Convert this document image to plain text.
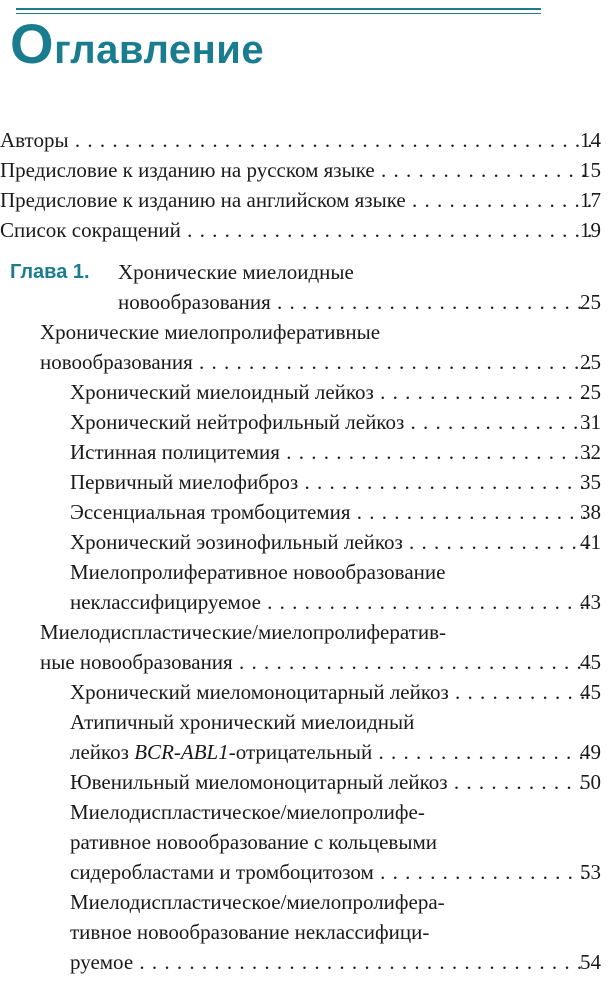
Оглавление
Авторы . . .	14
Предисловие к изданию на русском языке . . .	15
Предисловие к изданию на английском языке . . .	17
Список сокращений . . .	19
Глава 1. Хронические миелоидные
новообразования . . .	25
Хронические миелопролиферативные
новообразования . . .	25
Хронический миелоидный лейкоз . . .	25
Хронический нейтрофильный лейкоз . . .	31
Истинная полицитемия . . .	32
Первичный миелофиброз . . .	35
Эссенциальная тромбоцитемия . . .	38
Хронический эозинофильный лейкоз . . .	41
Миелопролиферативное новообразование
неклассифицируемое . . .	43
Миелодиспластические/миелопролифератив-
ные новообразования . . .	45
Хронический миеломоноцитарный лейкоз . . .	45
Атипичный хронический миелоидный
лейкоз BCR-ABL1-отрицательный . . .	49
Ювенильный миеломоноцитарный лейкоз . . .	50
Миелодиспластическое/миелопролифе-
ративное новообразование с кольцевыми
сидеробластами и тромбоцитозом . . .	53
Миелодиспластическое/миелопролифера-
тивное новообразование неклассифици-
руемое . . .	54
